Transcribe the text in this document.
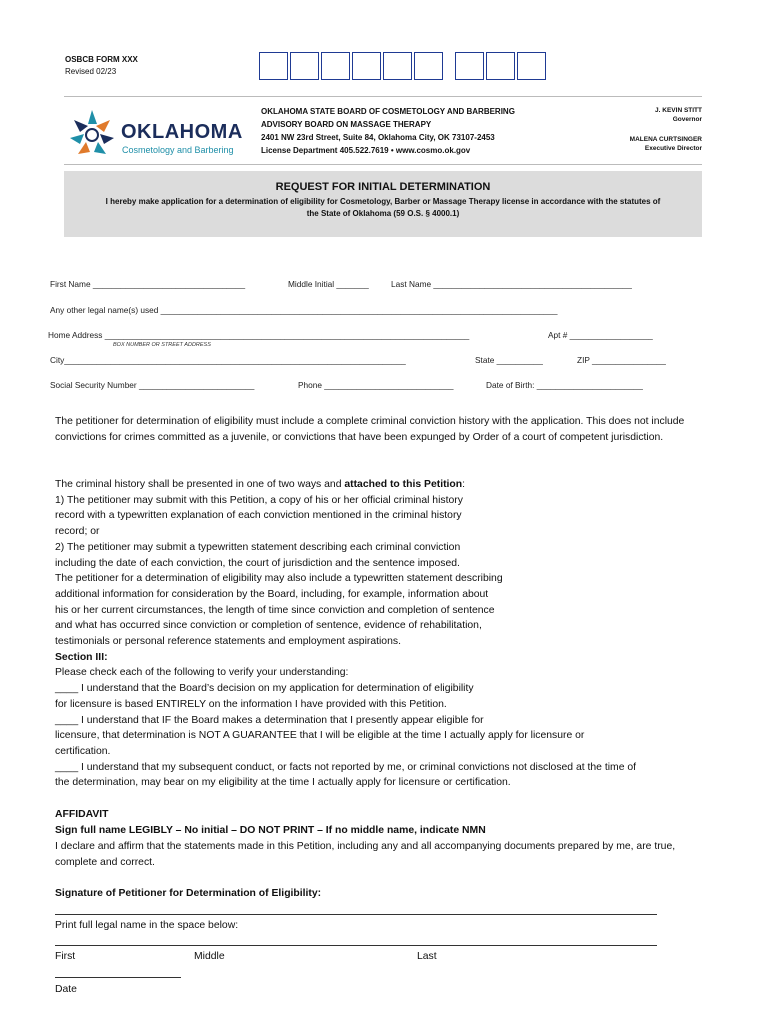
OSBCB FORM XXX
Revised 02/23
OKLAHOMA
Cosmetology and Barbering
OKLAHOMA STATE BOARD OF COSMETOLOGY AND BARBERING
ADVISORY BOARD ON MASSAGE THERAPY
2401 NW 23rd Street, Suite 84, Oklahoma City, OK 73107-2453
License Department 405.522.7619 • www.cosmo.ok.gov
J. KEVIN STITT
Governor
MALENA CURTSINGER
Executive Director
REQUEST FOR INITIAL DETERMINATION
I hereby make application for a determination of eligibility for Cosmetology, Barber or Massage Therapy license in accordance with the statutes of
the State of Oklahoma (59 O.S. § 4000.1)
First Name _________________________________	Middle Initial _______	Last Name ___________________________________________
Any other legal name(s) used ______________________________________________________________________________________
Home Address _______________________________________________________________________________	Apt # __________________
BOX NUMBER OR STREET ADDRESS
City__________________________________________________________________________	State __________	ZIP ________________
Social Security Number _________________________	Phone ____________________________	Date of Birth: _______________________
The petitioner for determination of eligibility must include a complete criminal conviction history with the application. This does not include convictions for crimes committed as a juvenile, or convictions that have been expunged by Order of a court of competent jurisdiction.
The criminal history shall be presented in one of two ways and attached to this Petition:
1) The petitioner may submit with this Petition, a copy of his or her official criminal history
record with a typewritten explanation of each conviction mentioned in the criminal history
record; or
2) The petitioner may submit a typewritten statement describing each criminal conviction
including the date of each conviction, the court of jurisdiction and the sentence imposed.
The petitioner for a determination of eligibility may also include a typewritten statement describing
additional information for consideration by the Board, including, for example, information about
his or her current circumstances, the length of time since conviction and completion of sentence
and what has occurred since conviction or completion of sentence, evidence of rehabilitation,
testimonials or personal reference statements and employment aspirations.
Section III:
Please check each of the following to verify your understanding:
____ I understand that the Board’s decision on my application for determination of eligibility
for licensure is based ENTIRELY on the information I have provided with this Petition.
____ I understand that IF the Board makes a determination that I presently appear eligible for
licensure, that determination is NOT A GUARANTEE that I will be eligible at the time I actually apply for licensure or
certification.
____ I understand that my subsequent conduct, or facts not reported by me, or criminal convictions not disclosed at the time of
the determination, may bear on my eligibility at the time I actually apply for licensure or certification.
AFFIDAVIT
Sign full name LEGIBLY – No initial – DO NOT PRINT – If no middle name, indicate NMN
I declare and affirm that the statements made in this Petition, including any and all accompanying documents prepared by me, are true, complete and correct.
Signature of Petitioner for Determination of Eligibility:
Print full legal name in the space below:
First	Middle	Last
Date
